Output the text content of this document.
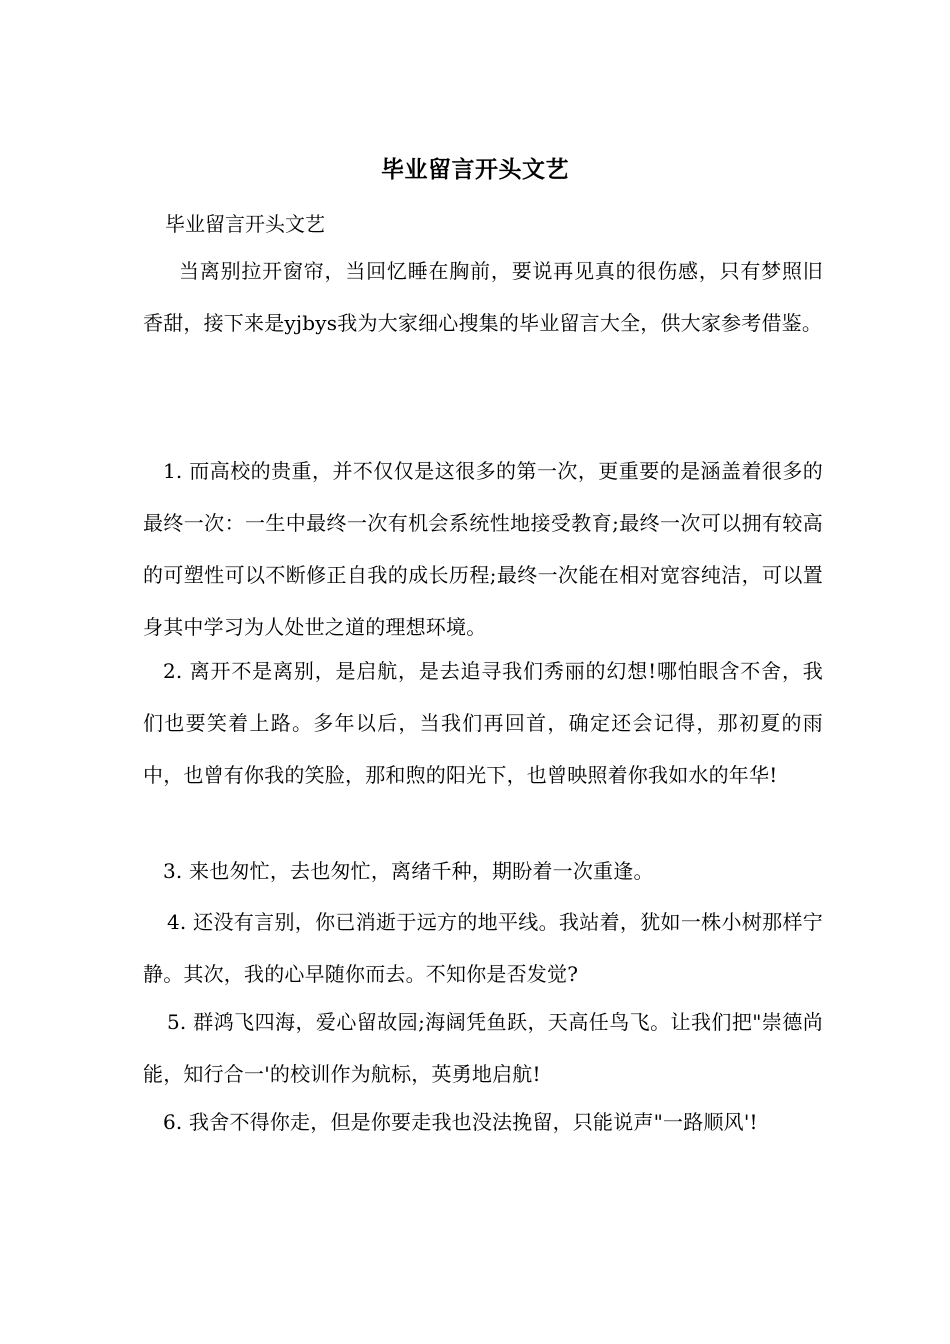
毕业留言开头文艺
毕业留言开头文艺
当离别拉开窗帘，当回忆睡在胸前，要说再见真的很伤感，只有梦照旧香甜，接下来是yjbys我为大家细心搜集的毕业留言大全，供大家参考借鉴。
1. 而高校的贵重，并不仅仅是这很多的第一次，更重要的是涵盖着很多的最终一次：一生中最终一次有机会系统性地接受教育;最终一次可以拥有较高的可塑性可以不断修正自我的成长历程;最终一次能在相对宽容纯洁，可以置身其中学习为人处世之道的理想环境。
2. 离开不是离别，是启航，是去追寻我们秀丽的幻想!哪怕眼含不舍，我们也要笑着上路。多年以后，当我们再回首，确定还会记得，那初夏的雨中，也曾有你我的笑脸，那和煦的阳光下，也曾映照着你我如水的年华!
3. 来也匆忙，去也匆忙，离绪千种，期盼着一次重逢。
4. 还没有言别，你已消逝于远方的地平线。我站着，犹如一株小树那样宁静。其次，我的心早随你而去。不知你是否发觉?
5. 群鸿飞四海，爱心留故园;海阔凭鱼跃，天高任鸟飞。让我们把"崇德尚能，知行合一'的校训作为航标，英勇地启航!
6. 我舍不得你走，但是你要走我也没法挽留，只能说声"一路顺风'!
